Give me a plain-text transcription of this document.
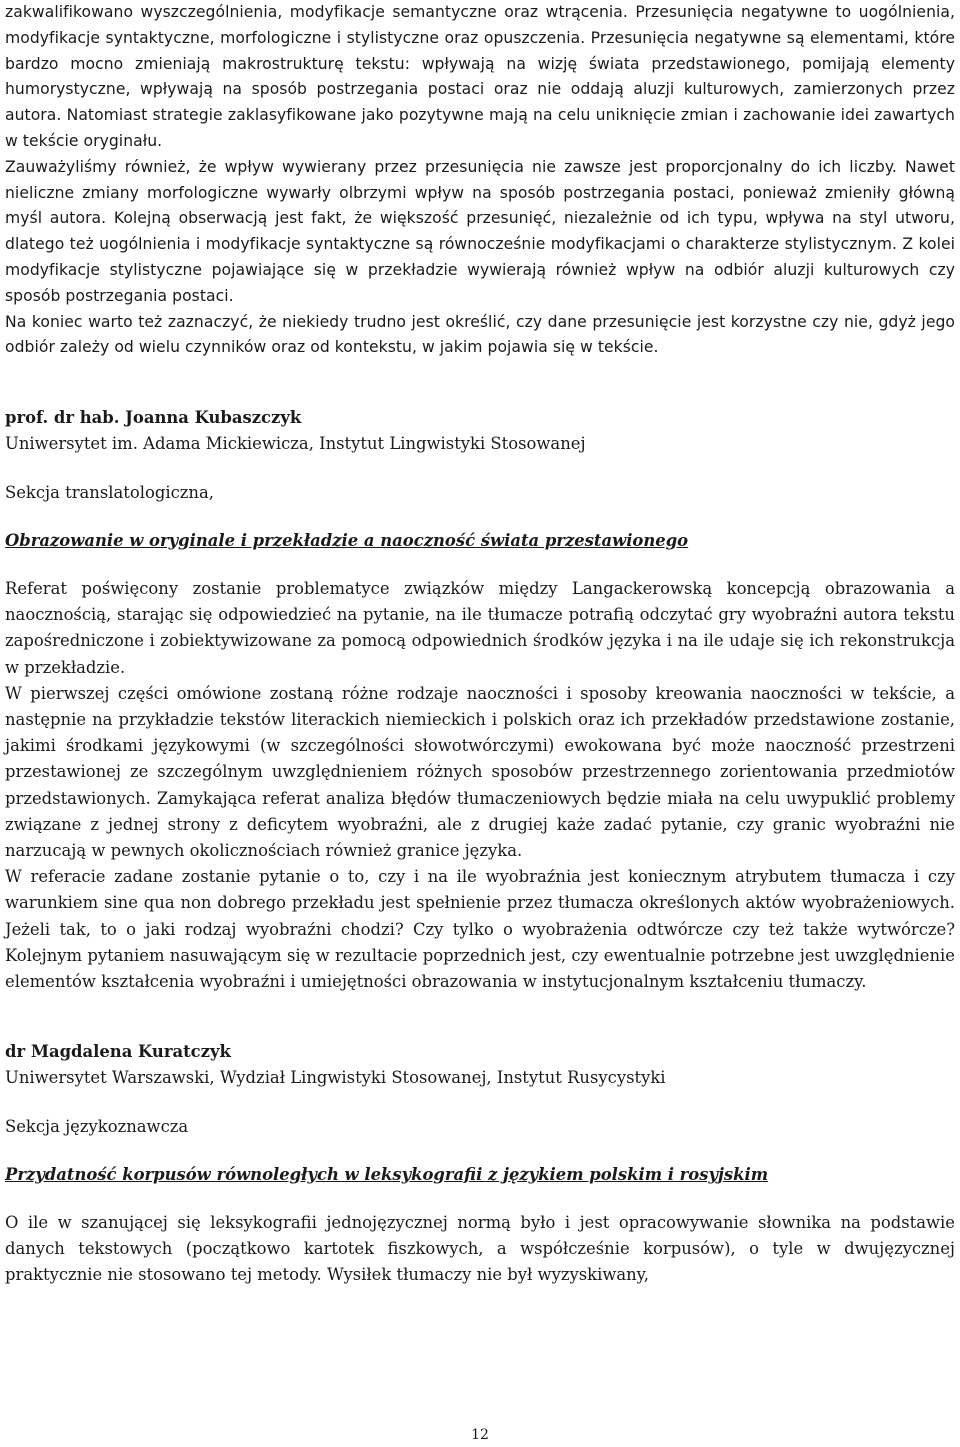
zakwalifikowano wyszczególnienia, modyfikacje semantyczne oraz wtrącenia. Przesunięcia negatywne to uogólnienia, modyfikacje syntaktyczne, morfologiczne i stylistyczne oraz opuszczenia. Przesunięcia negatywne są elementami, które bardzo mocno zmieniają makrostrukturę tekstu: wpływają na wizję świata przedstawionego, pomijają elementy humorystyczne, wpływają na sposób postrzegania postaci oraz nie oddają aluzji kulturowych, zamierzonych przez autora. Natomiast strategie zaklasyfikowane jako pozytywne mają na celu uniknięcie zmian i zachowanie idei zawartych w tekście oryginału.

Zauważyliśmy również, że wpływ wywierany przez przesunięcia nie zawsze jest proporcjonalny do ich liczby. Nawet nieliczne zmiany morfologiczne wywarły olbrzymi wpływ na sposób postrzegania postaci, ponieważ zmieniły główną myśl autora. Kolejną obserwacją jest fakt, że większość przesunięć, niezależnie od ich typu, wpływa na styl utworu, dlatego też uogólnienia i modyfikacje syntaktyczne są równocześnie modyfikacjami o charakterze stylistycznym. Z kolei modyfikacje stylistyczne pojawiające się w przekładzie wywierają również wpływ na odbiór aluzji kulturowych czy sposób postrzegania postaci.

Na koniec warto też zaznaczyć, że niekiedy trudno jest określić, czy dane przesunięcie jest korzystne czy nie, gdyż jego odbiór zależy od wielu czynników oraz od kontekstu, w jakim pojawia się w tekście.

prof. dr hab. Joanna Kubaszczyk
Uniwersytet im. Adama Mickiewicza, Instytut Lingwistyki Stosowanej
Sekcja translatologiczna,
Obrazowanie w oryginale i przekładzie a naoczność świata przestawionego

Referat poświęcony zostanie problematyce związków między Langackerowską koncepcją obrazowania a naocznością, starając się odpowiedzieć na pytanie, na ile tłumacze potrafią odczytać gry wyobraźni autora tekstu zapośredniczone i zobiektywizowane za pomocą odpowiednich środków języka i na ile udaje się ich rekonstrukcja w przekładzie.

W pierwszej części omówione zostaną różne rodzaje naoczności i sposoby kreowania naoczności w tekście, a następnie na przykładzie tekstów literackich niemieckich i polskich oraz ich przekładów przedstawione zostanie, jakimi środkami językowymi (w szczególności słowotwórczymi) ewokowana być może naoczność przestrzeni przestawionej ze szczególnym uwzględnieniem różnych sposobów przestrzennego zorientowania przedmiotów przedstawionych. Zamykająca referat analiza błędów tłumaczeniowych będzie miała na celu uwypuklić problemy związane z jednej strony z deficytem wyobraźni, ale z drugiej każe zadać pytanie, czy granic wyobraźni nie narzucają w pewnych okolicznościach również granice języka.

W referacie zadane zostanie pytanie o to, czy i na ile wyobraźnia jest koniecznym atrybutem tłumacza i czy warunkiem sine qua non dobrego przekładu jest spełnienie przez tłumacza określonych aktów wyobrażeniowych. Jeżeli tak, to o jaki rodzaj wyobraźni chodzi? Czy tylko o wyobrażenia odtwórcze czy też także wytwórcze? Kolejnym pytaniem nasuwającym się w rezultacie poprzednich jest, czy ewentualnie potrzebne jest uwzględnienie elementów kształcenia wyobraźni i umiejętności obrazowania w instytucjonalnym kształceniu tłumaczy.

dr Magdalena Kuratczyk
Uniwersytet Warszawski, Wydział Lingwistyki Stosowanej, Instytut Rusycystyki
Sekcja językoznawcza
Przydatność korpusów równoległych w leksykografii z językiem polskim i rosyjskim

O ile w szanującej się leksykografii jednojęzycznej normą było i jest opracowywanie słownika na podstawie danych tekstowych (początkowo kartotek fiszkowych, a współcześnie korpusów), o tyle w dwujęzycznej praktycznie nie stosowano tej metody. Wysiłek tłumaczy nie był wyzyskiwany,

12
